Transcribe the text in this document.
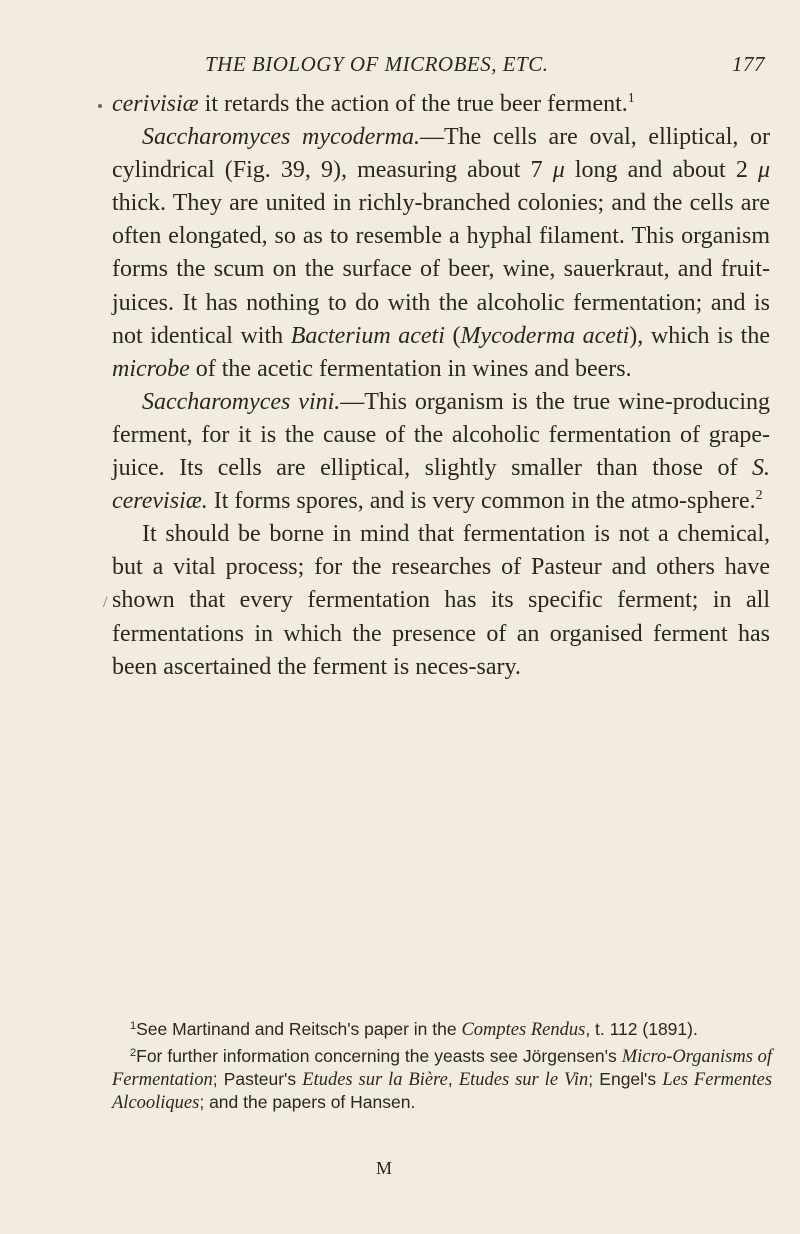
/
THE BIOLOGY OF MICROBES, ETC.	177

cerivisiæ it retards the action of the true beer ferment.$^1$

Saccharomyces mycoderma.—The cells are oval, elliptical, or cylindrical (Fig. 39, 9), measuring about 7 μ long and about 2 μ thick. They are united in richly-branched colonies; and the cells are often elongated, so as to resemble a hyphal filament. This organism forms the scum on the surface of beer, wine, sauerkraut, and fruit-juices. It has nothing to do with the alcoholic fermentation; and is not identical with Bacterium aceti (Mycoderma aceti), which is the microbe of the acetic fermentation in wines and beers.

Saccharomyces vini.—This organism is the true wine-producing ferment, for it is the cause of the alcoholic fermentation of grape-juice. Its cells are elliptical, slightly smaller than those of S. cerevisiæ. It forms spores, and is very common in the atmo-sphere.$^2$

It should be borne in mind that fermentation is not a chemical, but a vital process; for the researches of Pasteur and others have shown that every fermentation has its specific ferment; in all fermentations in which the presence of an organised ferment has been ascertained the ferment is neces-sary.

$^1$See Martinand and Reitsch's paper in the Comptes Rendus, t. 112 (1891).

$^2$For further information concerning the yeasts see Jörgensen's Micro-Organisms of Fermentation; Pasteur's Etudes sur la Bière, Etudes sur le Vin; Engel's Les Fermentes Alcooliques; and the papers of Hansen.

M
